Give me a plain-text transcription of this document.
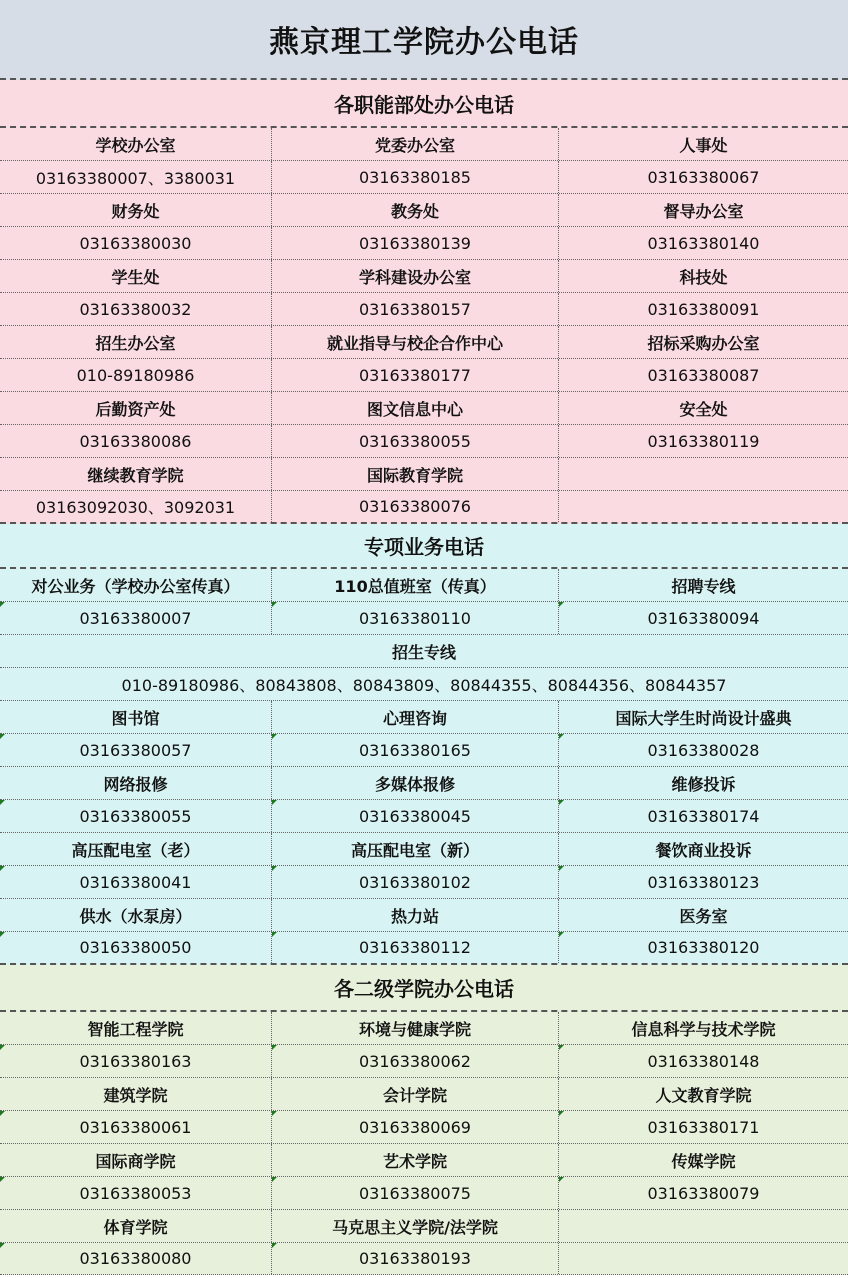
燕京理工学院办公电话
各职能部处办公电话
学校办公室	党委办公室	人事处
03163380007、3380031	03163380185	03163380067
财务处	教务处	督导办公室
03163380030	03163380139	03163380140
学生处	学科建设办公室	科技处
03163380032	03163380157	03163380091
招生办公室	就业指导与校企合作中心	招标采购办公室
010-89180986	03163380177	03163380087
后勤资产处	图文信息中心	安全处
03163380086	03163380055	03163380119
继续教育学院	国际教育学院
03163092030、3092031	03163380076
专项业务电话
对公业务（学校办公室传真）	110总值班室（传真）	招聘专线
03163380007	03163380110	03163380094
招生专线
010-89180986、80843808、80843809、80844355、80844356、80844357
图书馆	心理咨询	国际大学生时尚设计盛典
03163380057	03163380165	03163380028
网络报修	多媒体报修	维修投诉
03163380055	03163380045	03163380174
高压配电室（老）	高压配电室（新）	餐饮商业投诉
03163380041	03163380102	03163380123
供水（水泵房）	热力站	医务室
03163380050	03163380112	03163380120
各二级学院办公电话
智能工程学院	环境与健康学院	信息科学与技术学院
03163380163	03163380062	03163380148
建筑学院	会计学院	人文教育学院
03163380061	03163380069	03163380171
国际商学院	艺术学院	传媒学院
03163380053	03163380075	03163380079
体育学院	马克思主义学院/法学院
03163380080	03163380193
